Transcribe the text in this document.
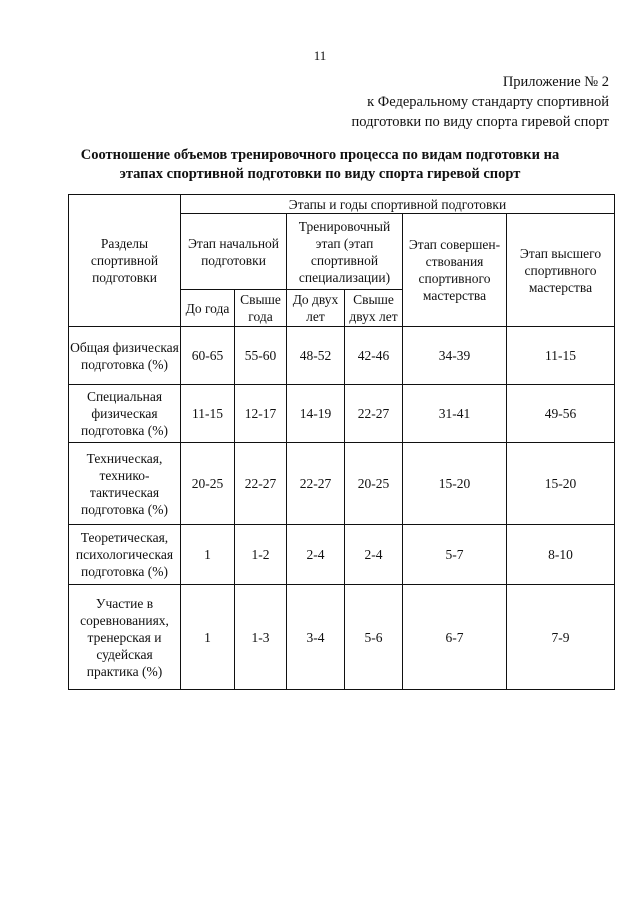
11
Приложение № 2
к Федеральному стандарту спортивной
подготовки по виду спорта гиревой спорт
Соотношение объемов тренировочного процесса по видам подготовки на
этапах спортивной подготовки по виду спорта гиревой спорт
Разделы спортивной подготовки	Этапы и годы спортивной подготовки					
	Этап начальной подготовки		Тренировочный этап (этап спортивной специализации)		Этап совершен-ствования спортивного мастерства	Этап высшего спортивного мастерства
	До года	Свыше года	До двух лет	Свыше двух лет		
Общая физическая подготовка (%)	60-65	55-60	48-52	42-46	34-39	11-15
Специальная физическая подготовка (%)	11-15	12-17	14-19	22-27	31-41	49-56
Техническая, технико-тактическая подготовка (%)	20-25	22-27	22-27	20-25	15-20	15-20
Теоретическая, психологическая подготовка (%)	1	1-2	2-4	2-4	5-7	8-10
Участие в соревнованиях, тренерская и судейская практика (%)	1	1-3	3-4	5-6	6-7	7-9
